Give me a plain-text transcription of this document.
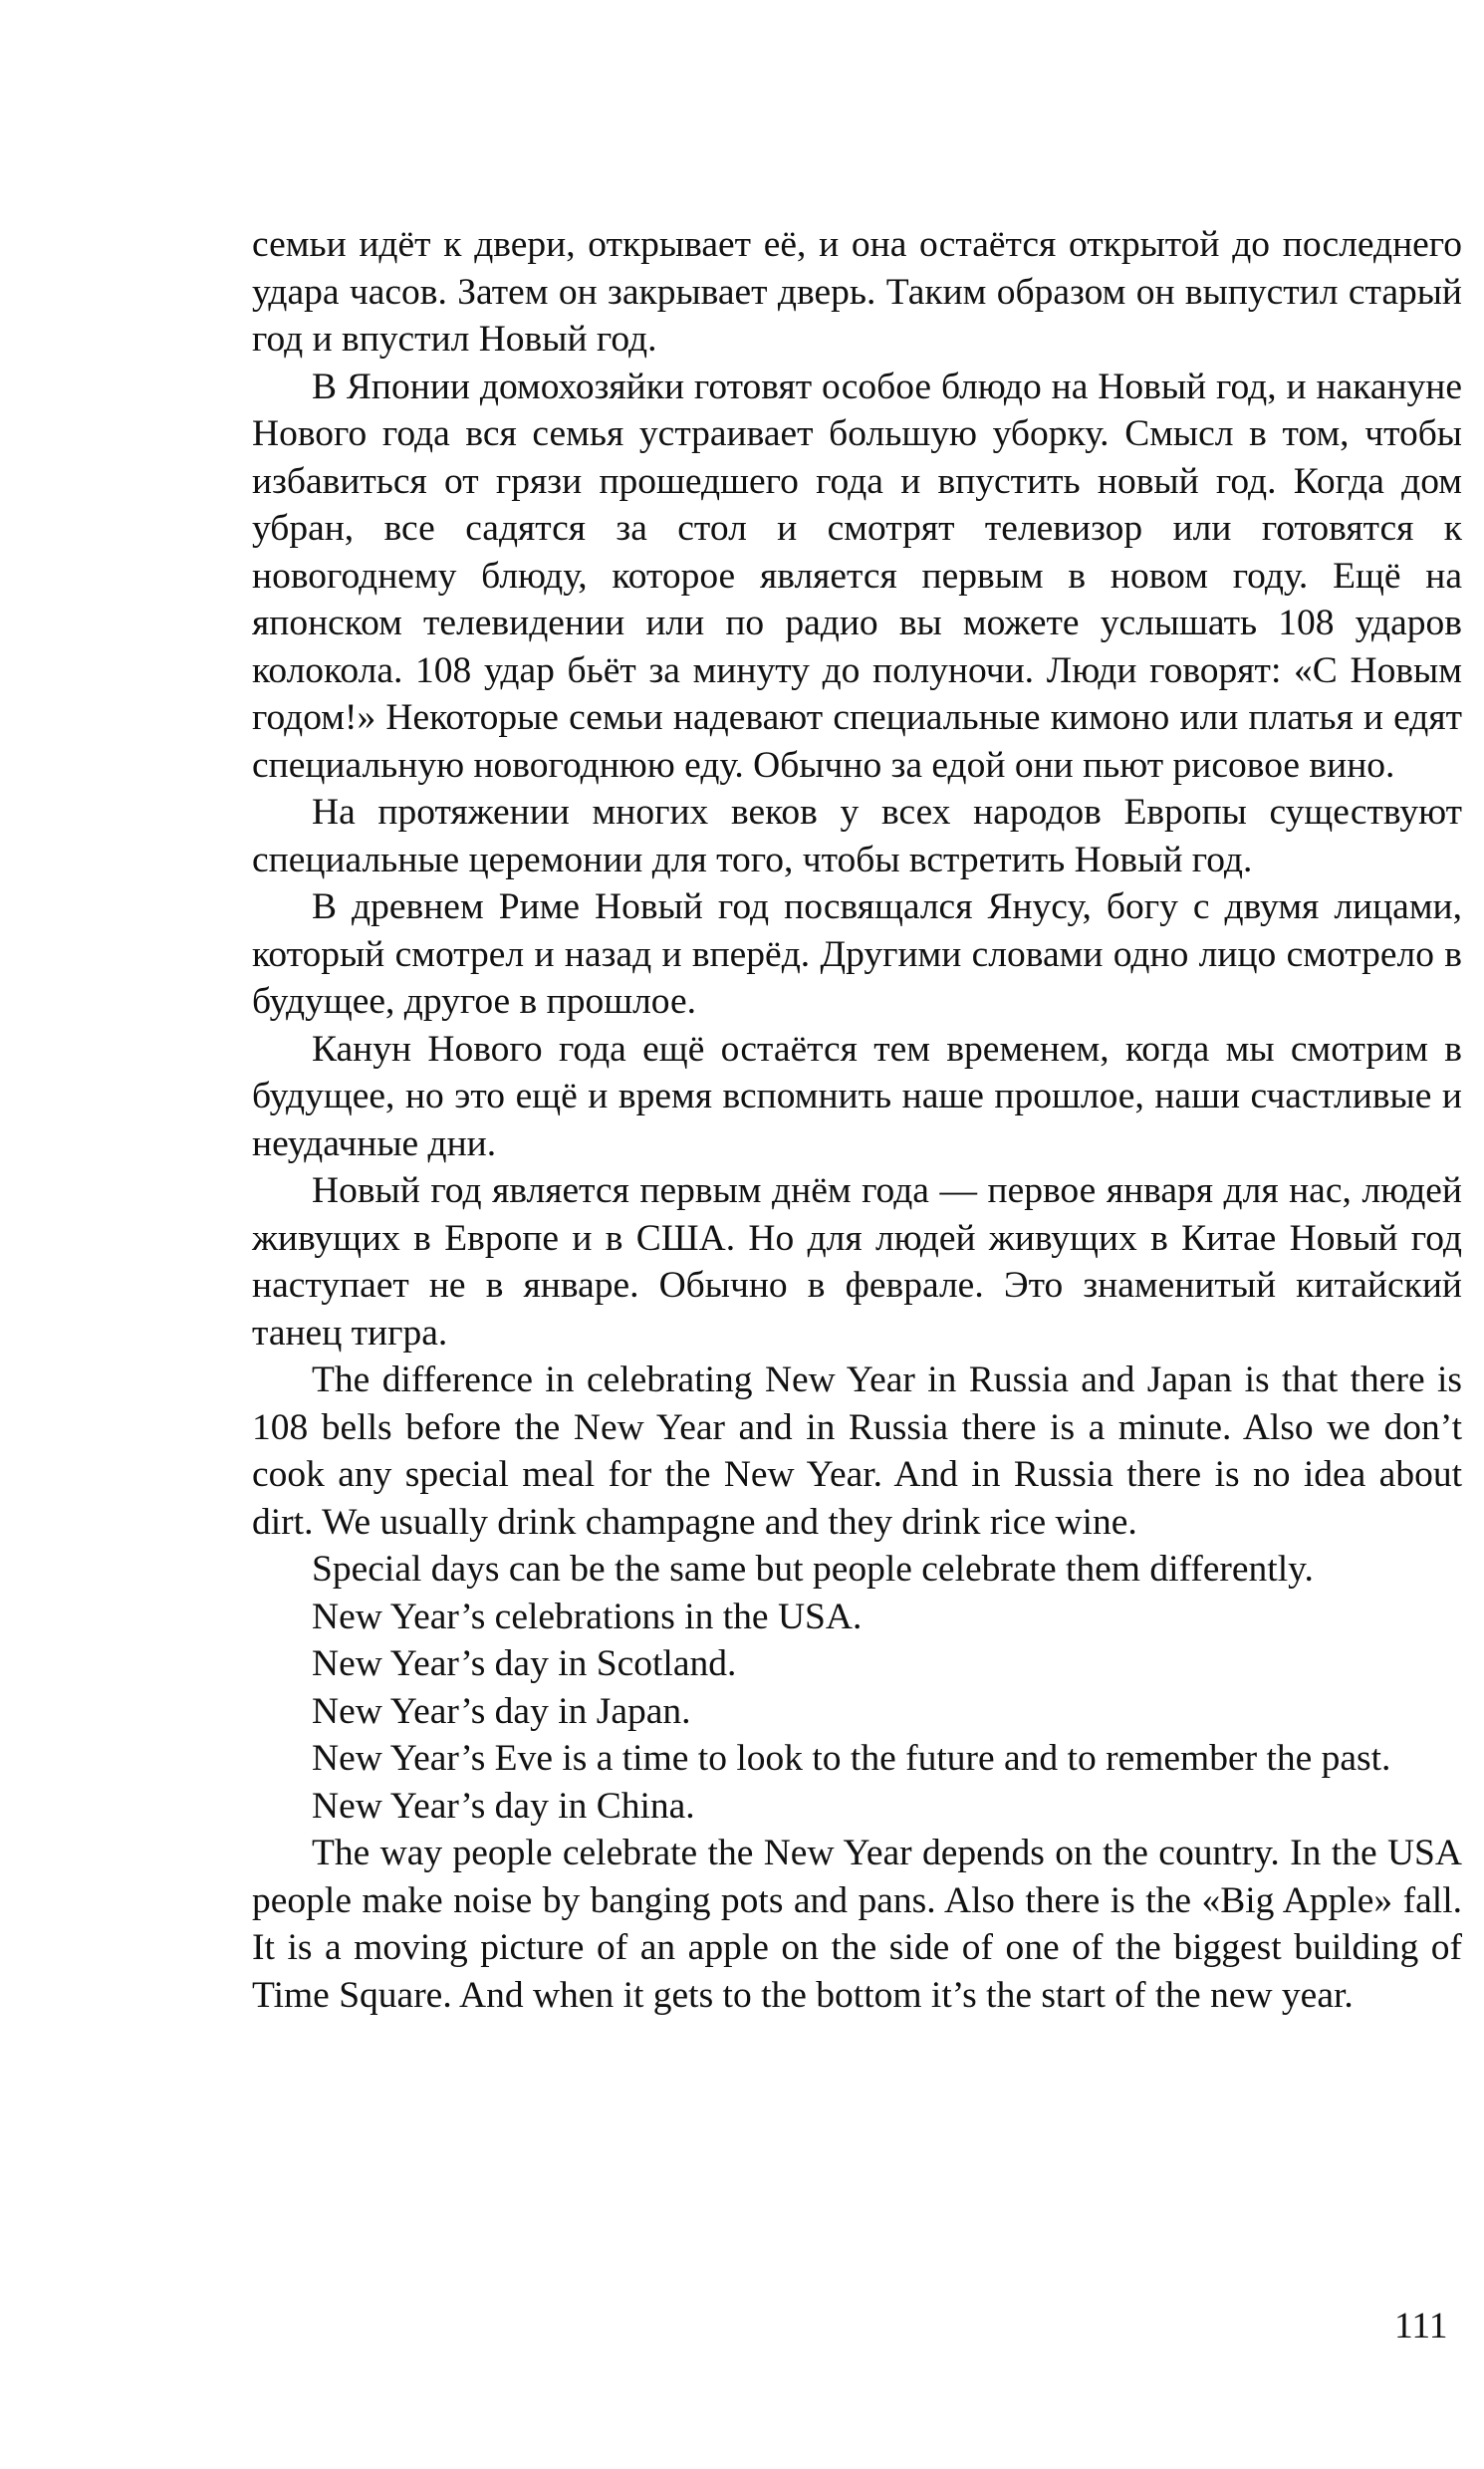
семьи идёт к двери, открывает её, и она остаётся открытой до последнего удара часов. Затем он закрывает дверь. Таким образом он выпустил старый год и впустил Новый год.

В Японии домохозяйки готовят особое блюдо на Новый год, и накануне Нового года вся семья устраивает большую уборку. Смысл в том, чтобы избавиться от грязи прошедшего года и впустить новый год. Когда дом убран, все садятся за стол и смотрят телевизор или готовятся к новогоднему блюду, которое является первым в новом году. Ещё на японском телевидении или по радио вы можете услышать 108 ударов колокола. 108 удар бьёт за минуту до полуночи. Люди говорят: «С Новым годом!» Некоторые семьи надевают специальные кимоно или платья и едят специальную новогоднюю еду. Обычно за едой они пьют рисовое вино.

На протяжении многих веков у всех народов Европы существуют специальные церемонии для того, чтобы встретить Новый год.

В древнем Риме Новый год посвящался Янусу, богу с двумя лицами, который смотрел и назад и вперёд. Другими словами одно лицо смотрело в будущее, другое в прошлое.

Канун Нового года ещё остаётся тем временем, когда мы смотрим в будущее, но это ещё и время вспомнить наше прошлое, наши счастливые и неудачные дни.

Новый год является первым днём года — первое января для нас, людей живущих в Европе и в США. Но для людей живущих в Китае Новый год наступает не в январе. Обычно в феврале. Это знаменитый китайский танец тигра.

The difference in celebrating New Year in Russia and Japan is that there is 108 bells before the New Year and in Russia there is a minute. Also we don’t cook any special meal for the New Year. And in Russia there is no idea about dirt. We usually drink champagne and they drink rice wine.

Special days can be the same but people celebrate them differently.

New Year’s celebrations in the USA.

New Year’s day in Scotland.

New Year’s day in Japan.

New Year’s Eve is a time to look to the future and to remember the past.

New Year’s day in China.

The way people celebrate the New Year depends on the country. In the USA people make noise by banging pots and pans. Also there is the «Big Apple» fall. It is a moving picture of an apple on the side of one of the biggest building of Time Square. And when it gets to the bottom it’s the start of the new year.

111
